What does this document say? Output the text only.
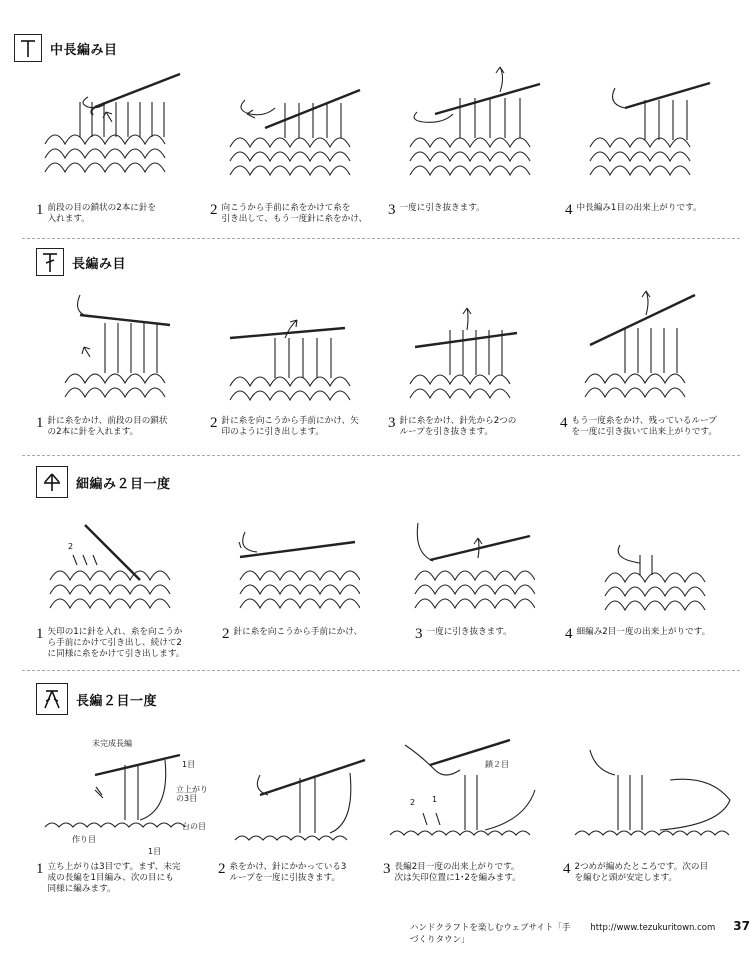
中長編み目
1 前段の目の鎖状の2本に針を
入れます。
2 向こうから手前に糸をかけて糸を
引き出して、もう一度針に糸をかけ、
3 一度に引き抜きます。	4 中長編み1目の出来上がりです。
長編み目
1 針に糸をかけ、前段の目の鎖状
の2本に針を入れます。
2 針に糸を向こうから手前にかけ、矢
印のように引き出します。
3 針に糸をかけ、針先から2つの
ループを引き抜きます。
4 もう一度糸をかけ、残っているループ
を一度に引き抜いて出来上がりです。
細編み２目一度
2
1 矢印の1に針を入れ、糸を向こうか
ら手前にかけて引き出し、続けて2
に同様に糸をかけて引き出します。
2 針に糸を向こうから手前にかけ、	3 一度に引き抜きます。	4 細編み2目一度の出来上がりです。
長編２目一度
未完成長編
1目
立上がり
の3目
台の目
作り目
1目
鎖２目
2 1
1 立ち上がりは3目です。まず、未完
成の長編を1目編み、次の目にも
同様に編みます。
2 糸をかけ、針にかかっている3
ループを一度に引抜きます。
3 長編2目一度の出来上がりです。
次は矢印位置に1･2を編みます。
4 2つめが編めたところです。次の目
を編むと頭が安定します。
ハンドクラフトを楽しむウェブサイト「手づくりタウン」
http://www.tezukuritown.com 37
